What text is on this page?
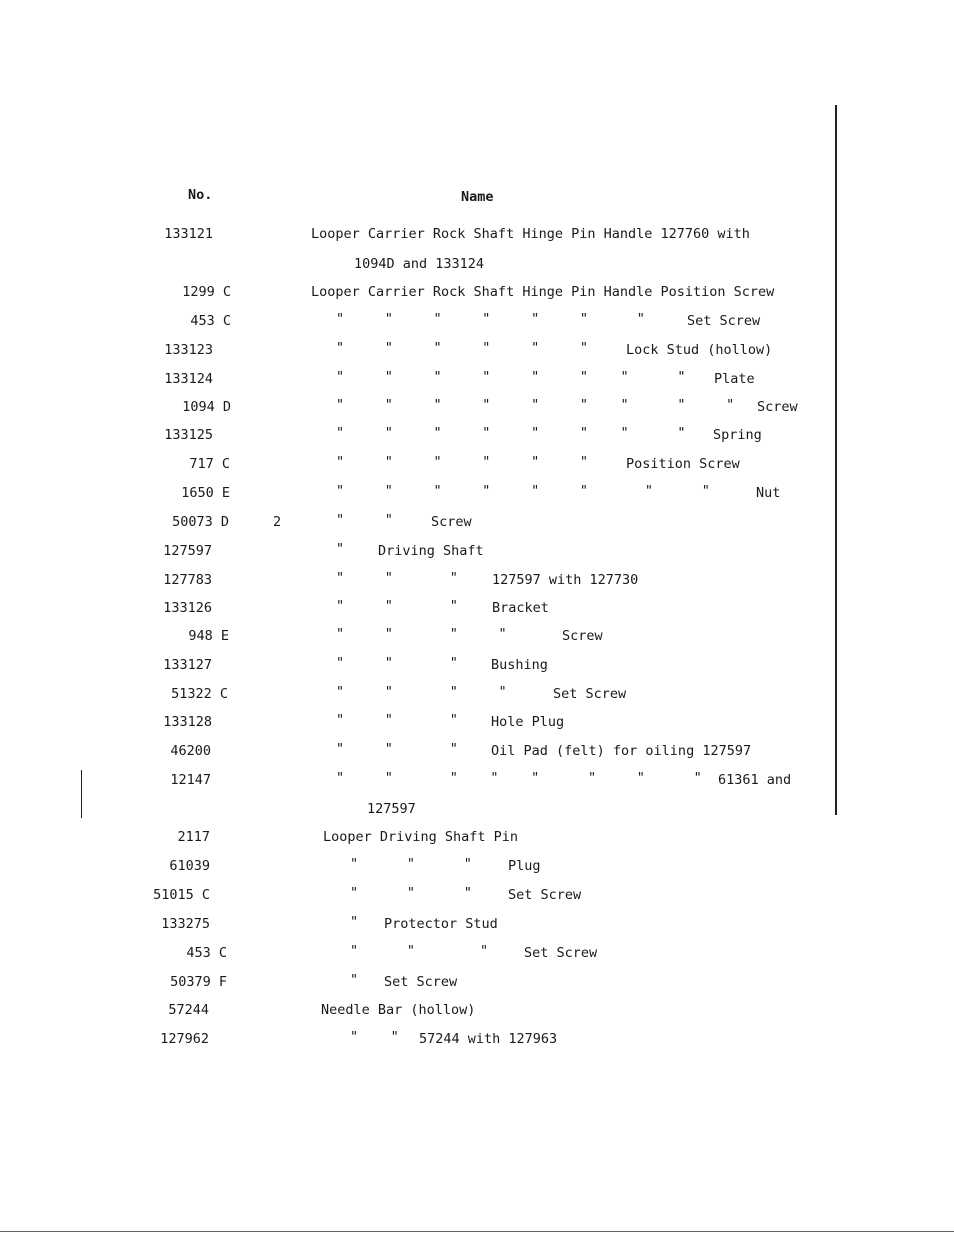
No.	Name
133121	Looper Carrier Rock Shaft Hinge Pin Handle 127760 with
1094D and 133124
1299 C	Looper Carrier Rock Shaft Hinge Pin Handle Position Screw
453 C	"     "     "     "     "     "      "	Set Screw
133123	"     "     "     "     "     "	Lock Stud (hollow)
133124	"     "     "     "     "     "    "      " Plate
1094 D	"     "     "     "     "     "    "      "     " Screw
133125	"     "     "     "     "     "    "      " Spring
717 C	"     "     "     "     "     "	Position Screw
1650 E	"     "     "     "     "     "       "      "	Nut
50073 D	2	"     "	Screw
127597	"	Driving Shaft
127783	"     "       "	127597 with 127730
133126	"     "       "	Bracket
948 E	"     "       "     "	Screw
133127	"     "       " Bushing
51322 C	"     "       "     "	Set Screw
133128	"     "       " Hole Plug
46200	"     "       " Oil Pad (felt) for oiling 127597
12147	"     "       "    "    "      "     "      " 61361 and
127597
2117	Looper Driving Shaft Pin
61039	"      "      "	Plug
51015 C	"      "      "	Set Screw
133275	" Protector Stud
453 C	"      "        "	Set Screw
50379 F	" Set Screw
57244	Needle Bar (hollow)
127962	"    " 57244 with 127963
